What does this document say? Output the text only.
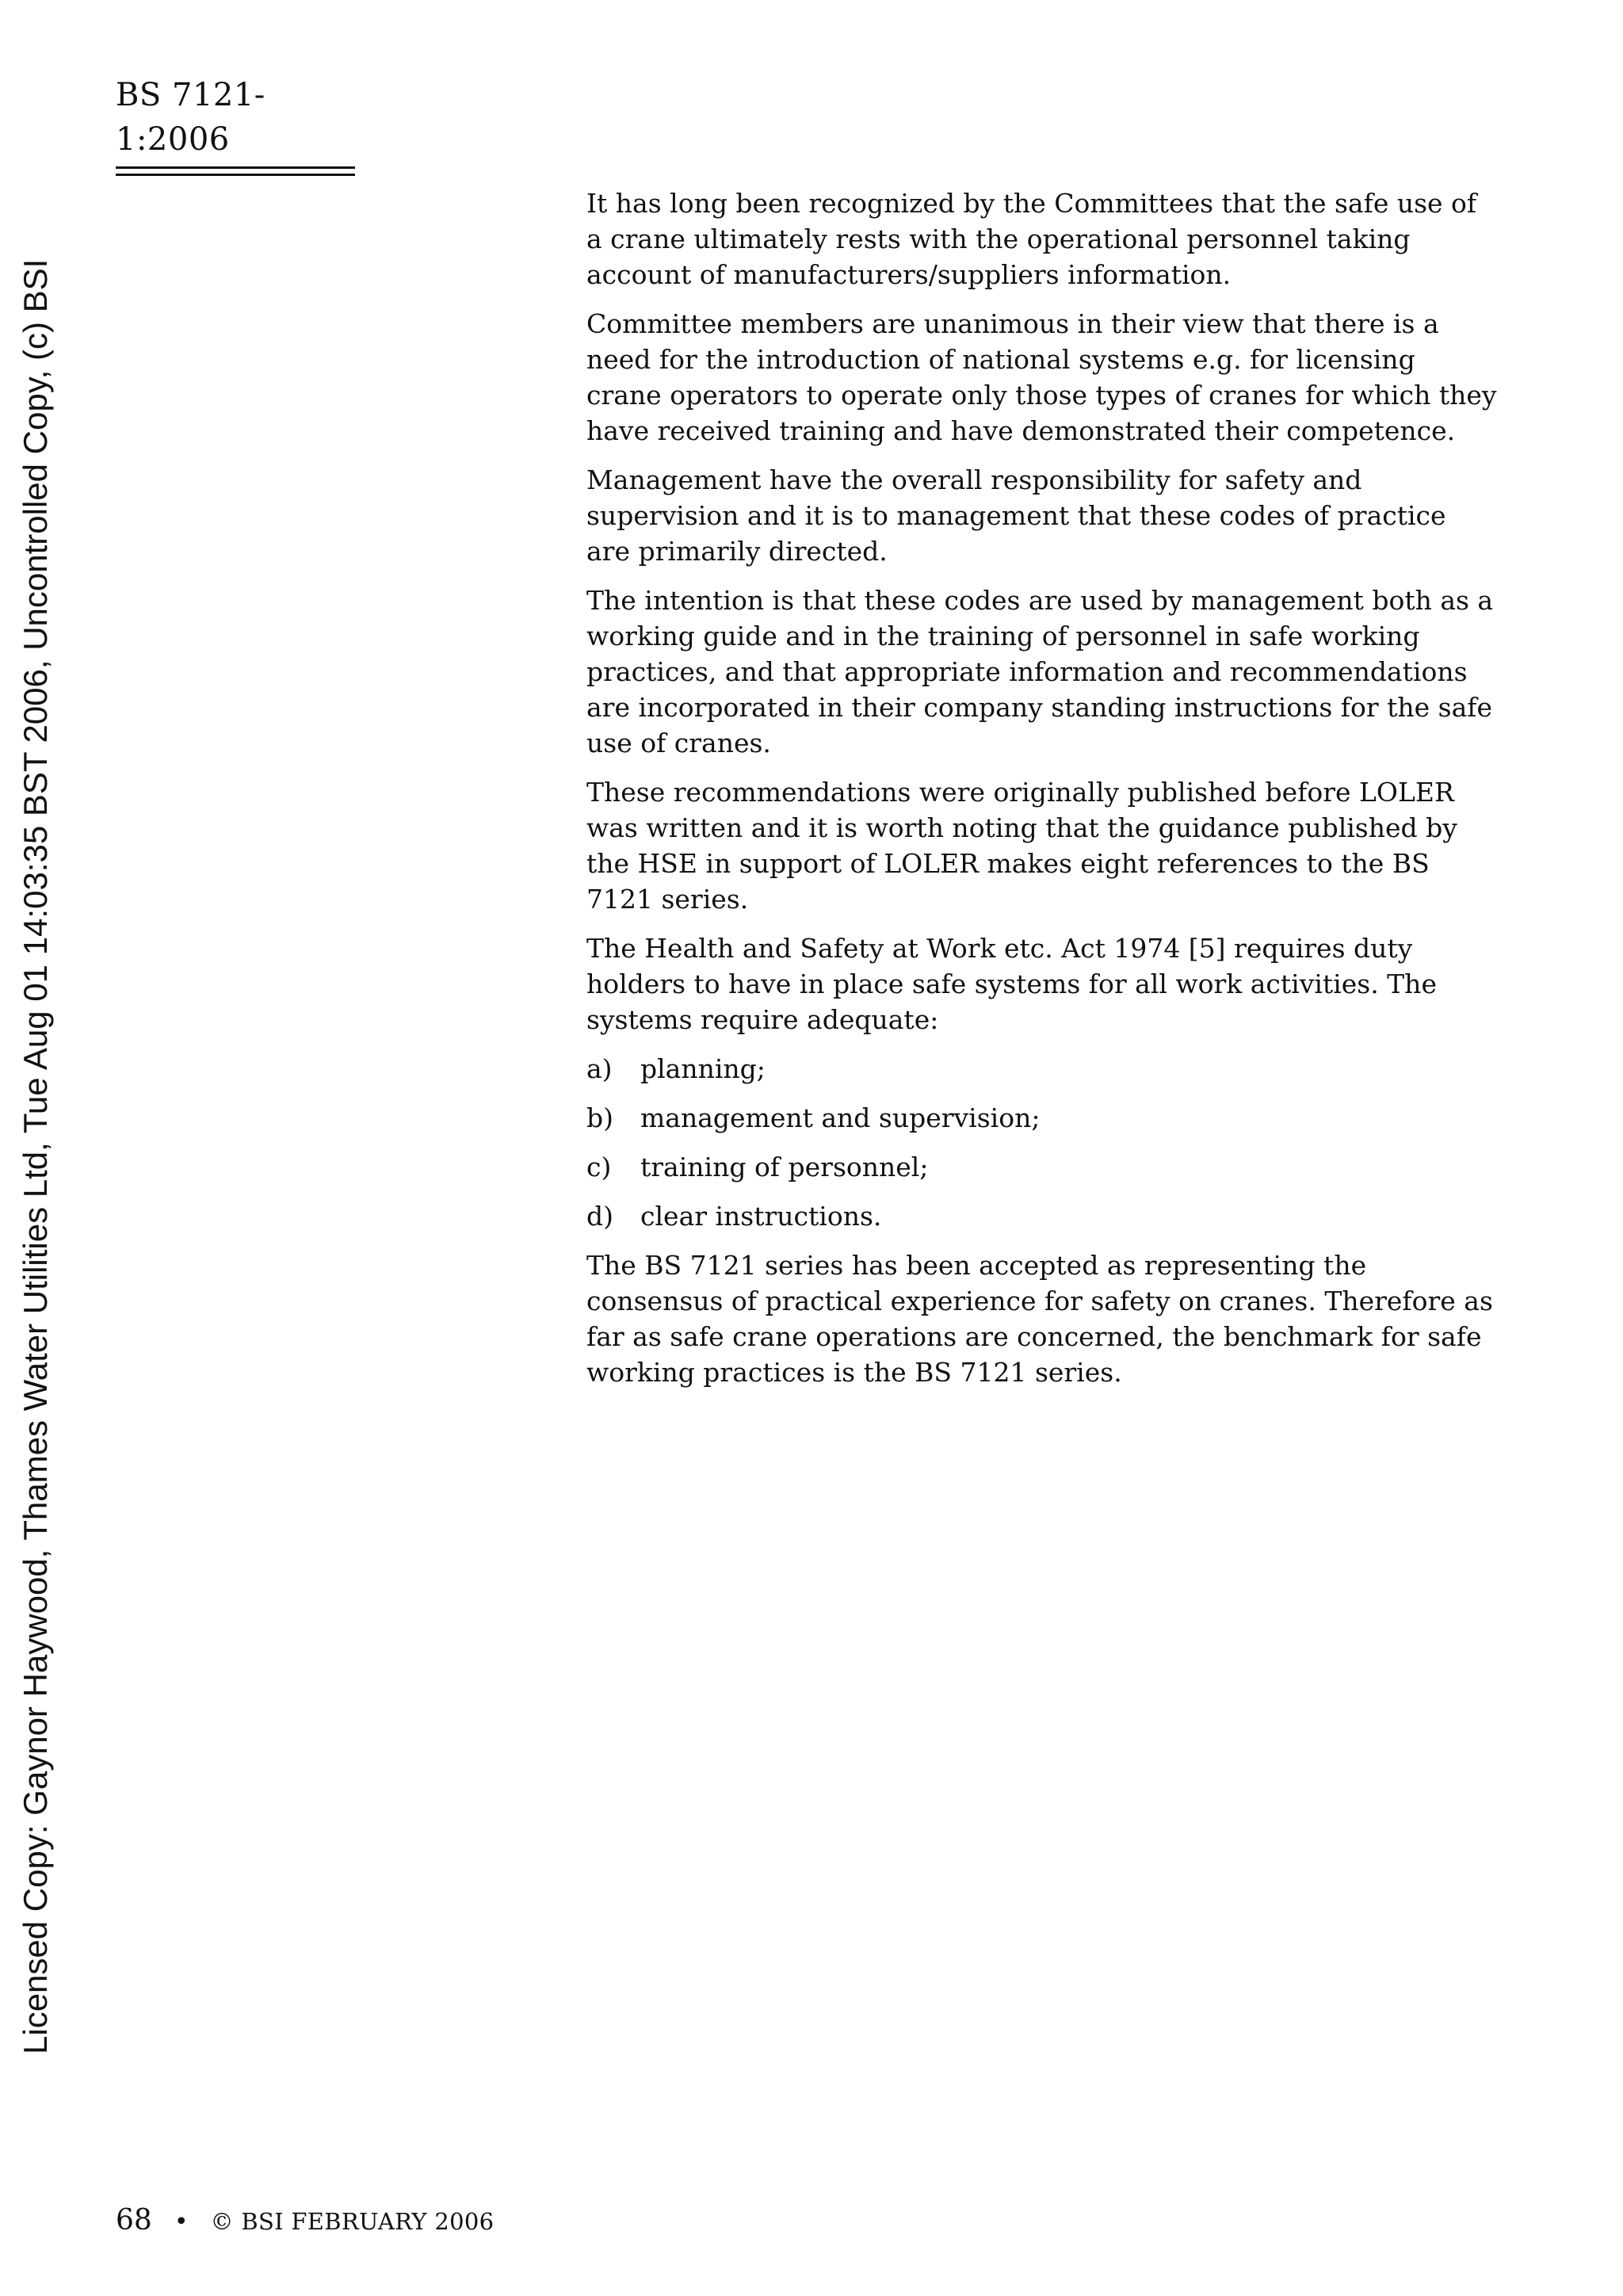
BS 7121-1:2006
Licensed Copy: Gaynor Haywood, Thames Water Utilities Ltd, Tue Aug 01 14:03:35 BST 2006, Uncontrolled Copy, (c) BSI

It has long been recognized by the Committees that the safe use of a crane ultimately rests with the operational personnel taking account of manufacturers/suppliers information.

Committee members are unanimous in their view that there is a need for the introduction of national systems e.g. for licensing crane operators to operate only those types of cranes for which they have received training and have demonstrated their competence.

Management have the overall responsibility for safety and supervision and it is to management that these codes of practice are primarily directed.

The intention is that these codes are used by management both as a working guide and in the training of personnel in safe working practices, and that appropriate information and recommendations are incorporated in their company standing instructions for the safe use of cranes.

These recommendations were originally published before LOLER was written and it is worth noting that the guidance published by the HSE in support of LOLER makes eight references to the BS 7121 series.

The Health and Safety at Work etc. Act 1974 [5] requires duty holders to have in place safe systems for all work activities. The systems require adequate:

a)	planning;
b)	management and supervision;
c)	training of personnel;
d)	clear instructions.

The BS 7121 series has been accepted as representing the consensus of practical experience for safety on cranes. Therefore as far as safe crane operations are concerned, the benchmark for safe working practices is the BS 7121 series.

68 • © BSI FEBRUARY 2006
